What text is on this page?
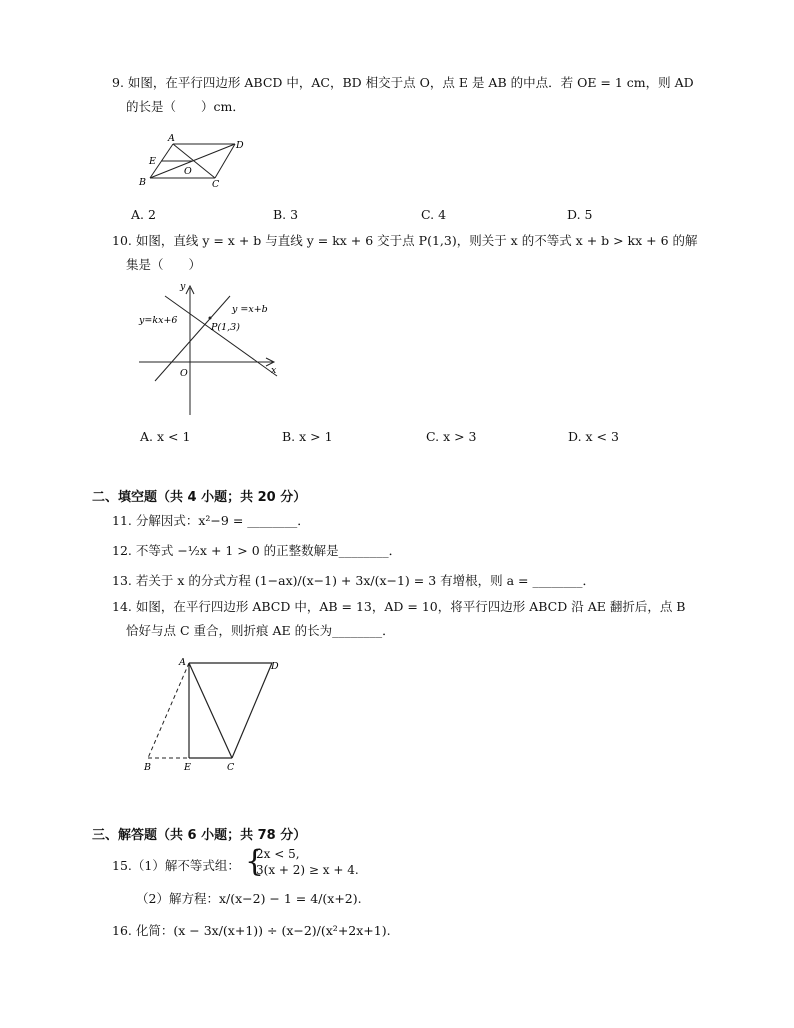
9. 如图，在平行四边形 ABCD 中，AC，BD 相交于点 O，点 E 是 AB 的中点．若 OE = 1 cm，则 AD
的长是（　　）cm．
A
D
E
O
B	C
A. 2	B. 3	C. 4	D. 5
10. 如图，直线 y = x + b 与直线 y = kx + 6 交于点 P(1,3)，则关于 x 的不等式 x + b > kx + 6 的解
集是（　　）
y
x
O
y=kx+6
y =x+b
P(1,3)
A. x < 1	B. x > 1	C. x > 3	D. x < 3
二、填空题（共 4 小题；共 20 分）
11. 分解因式：x²−9 = ________．
12. 不等式 −½x + 1 > 0 的正整数解是________．
13. 若关于 x 的分式方程 (1−ax)/(x−1) + 3x/(x−1) = 3 有增根，则 a = ________．
14. 如图，在平行四边形 ABCD 中，AB = 13，AD = 10，将平行四边形 ABCD 沿 AE 翻折后，点 B
恰好与点 C 重合，则折痕 AE 的长为________．
A	D
B	E	C
三、解答题（共 6 小题；共 78 分）
15.（1）解不等式组： {
2x < 5,
3(x + 2) ≥ x + 4.
（2）解方程：x/(x−2) − 1 = 4/(x+2).
16. 化简：(x − 3x/(x+1)) ÷ (x−2)/(x²+2x+1).
